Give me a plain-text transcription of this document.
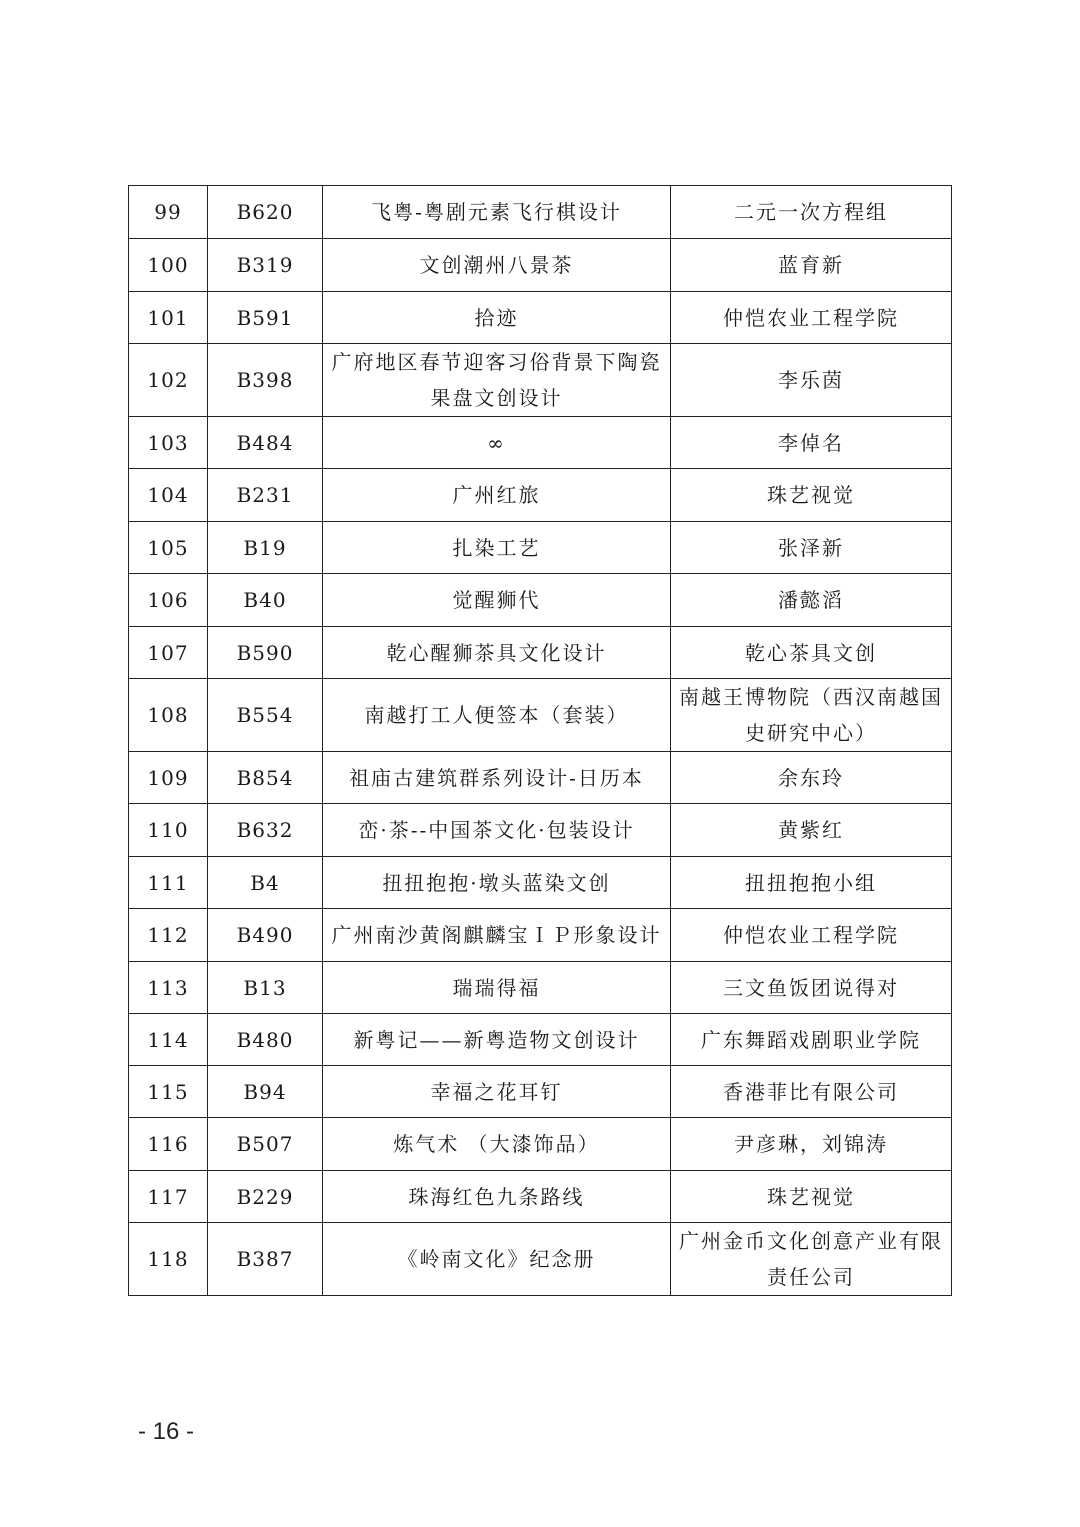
99	B620	飞粤-粤剧元素飞行棋设计	二元一次方程组
100	B319	文创潮州八景茶	蓝育新
101	B591	拾迹	仲恺农业工程学院
102	B398	广府地区春节迎客习俗背景下陶瓷果盘文创设计	李乐茵
103	B484	∞	李倬名
104	B231	广州红旅	珠艺视觉
105	B19	扎染工艺	张泽新
106	B40	觉醒狮代	潘懿滔
107	B590	乾心醒狮茶具文化设计	乾心茶具文创
108	B554	南越打工人便签本（套装）	南越王博物院（西汉南越国史研究中心）
109	B854	祖庙古建筑群系列设计-日历本	余东玲
110	B632	峦·茶--中国茶文化·包装设计	黄紫红
111	B4	扭扭抱抱·墩头蓝染文创	扭扭抱抱小组
112	B490	广州南沙黄阁麒麟宝ＩＰ形象设计	仲恺农业工程学院
113	B13	瑞瑞得福	三文鱼饭团说得对
114	B480	新粤记——新粤造物文创设计	广东舞蹈戏剧职业学院
115	B94	幸福之花耳钉	香港菲比有限公司
116	B507	炼气术 （大漆饰品）	尹彦琳，刘锦涛
117	B229	珠海红色九条路线	珠艺视觉
118	B387	《岭南文化》纪念册	广州金币文化创意产业有限责任公司
- 16 -
